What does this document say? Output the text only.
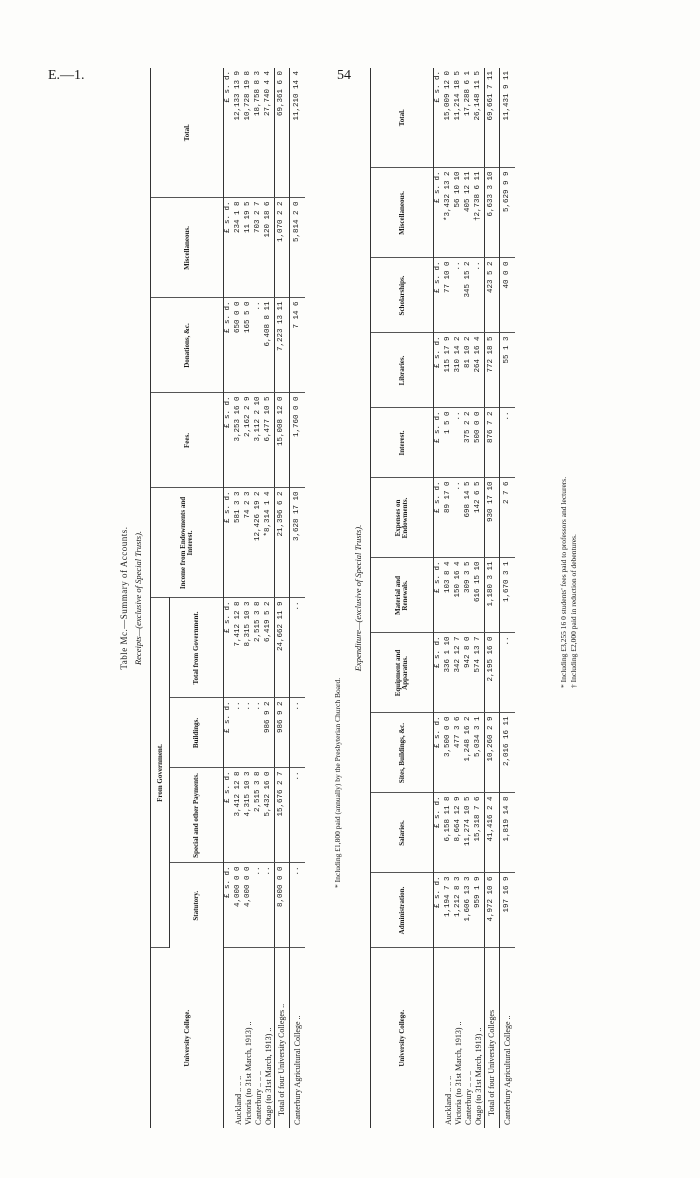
E.—1.	54
Table Mc.—Summary of Accounts. Receipts—(exclusive of Special Trusts).
University College.	From Government.				Income from Endowments and Interest.	Fees.	Donations, &c.	Miscellaneous.	Total.
	Statutory.	Special and other Payments.	Buildings.	Total from Government.					
	£ s. d.	£ s. d.	£ s. d.	£ s. d.	£ s. d.	£ s. d.	£ s. d.	£ s. d.	£ s. d.
Auckland .. .. ..	4,000 0 0	3,412 12 8	..	7,412 12 8	581 3 3	3,253 16 0	650 0 0	234 1 8	12,133 13 9
Victoria (to 31st March, 1913) ..	4,000 0 0	4,315 10 3	..	8,315 10 3	74 2 3	2,162 2 9	165 5 0	11 19 5	10,728 19 8
Canterbury .. .. ..	..	2,515 3 8	..	2,515 3 8	12,426 19 2	3,112 2 10	..	703 2 7	18,758 8 3
Otago (to 31st March, 1913) ..	..	5,432 16 0	986 9 2	6,419 5 2	*8,314 1 4	6,477 10 5	6,408 8 11	120 18 6	27,740 4 4
Total of four University Colleges ..	8,000 0 0	15,676 2 7	986 9 2	24,662 11 9	21,396 6 2	15,008 12 0	7,223 13 11	1,070 2 2	69,361 6 0
Canterbury Agricultural College ..	..	..	..	..	3,628 17 10	1,760 0 0	7 14 6	5,814 2 0	11,210 14 4
* Including £1,800 paid (annually) by the Presbyterian Church Board.
Expenditure—(exclusive of Special Trusts).
University College.	Administration.	Salaries.	Sites, Buildings, &c.	Equipment and Apparatus.	Material and Renewals.	Expenses on Endowments.	Interest.	Libraries.	Scholarships.	Miscellaneous.	Total.
	£ s. d.	£ s. d.	£ s. d.	£ s. d.	£ s. d.	£ s. d.	£ s. d.	£ s. d.	£ s. d.	£ s. d.	£ s. d.
Auckland .. .. ..	1,194 7 3	6,158 11 8	3,500 0 0	336 1 10	103 8 4	89 17 0	1 5 0	115 17 9	77 10 0	*3,432 13 2	15,009 12 0
Victoria (to 31st March, 1913) ..	1,212 8 3	8,664 12 9	477 3 6	342 12 7	150 16 4	..	..	310 14 2	..	56 10 10	11,214 18 5
Canterbury .. .. ..	1,606 13 3	11,274 10 5	1,248 16 2	942 8 0	309 3 5	698 14 5	375 2 2	81 10 2	345 15 2	405 12 11	17,288 6 1
Otago (to 31st March, 1913) ..	959 1 9	15,318 7 6	5,034 3 1	574 13 7	616 15 10	142 6 5	500 0 0	264 16 4	..	†2,738 6 11	26,148 11 5
Total of four University Colleges	4,972 10 6	41,416 2 4	10,260 2 9	2,195 16 0	1,180 3 11	930 17 10	876 7 2	772 18 5	423 5 2	6,633 3 10	69,661 7 11
Canterbury Agricultural College ..	197 16 9	1,819 14 8	2,016 16 11	..	1,670 3 1	2 7 6	..	55 1 3	40 0 0	5,629 9 9	11,431 9 11
* Including £3,255 16 0 students' fees paid to professors and lecturers. † Including £2,000 paid in reduction of debentures.
